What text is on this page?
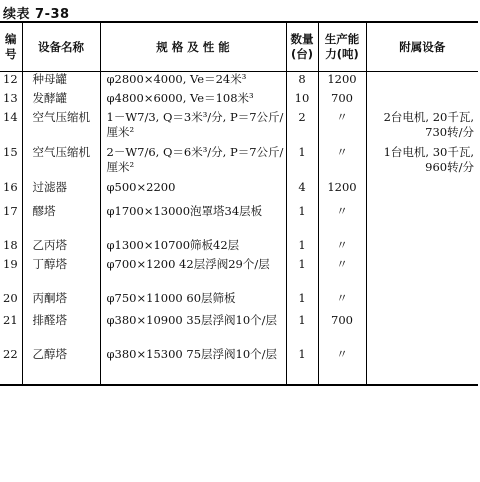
续表 7-38
编号	设备名称	规 格 及 性 能	数量(台)	生产能力(吨)	附属设备
12	种母罐	φ2800×4000, Ve＝24米³	8	1200	
13	发酵罐	φ4800×6000, Ve＝108米³	10	700	
14	空气压缩机	1－W7/3, Q＝3米³/分, P＝7公斤/厘米²	2	〃	2台电机, 20千瓦, 730转/分
15	空气压缩机	2－W7/6, Q＝6米³/分, P＝7公斤/厘米²	1	〃	1台电机, 30千瓦, 960转/分
16	过滤器	φ500×2200	4	1200	
17	醪塔	φ1700×13000泡罩塔34层板	1	〃	
18	乙丙塔	φ1300×10700筛板42层	1	〃	
19	丁醇塔	φ700×1200 42层浮阀29个/层	1	〃	
20	丙酮塔	φ750×11000 60层筛板	1	〃	
21	排醛塔	φ380×10900 35层浮阀10个/层	1	700	
22	乙醇塔	φ380×15300 75层浮阀10个/层	1	〃	
